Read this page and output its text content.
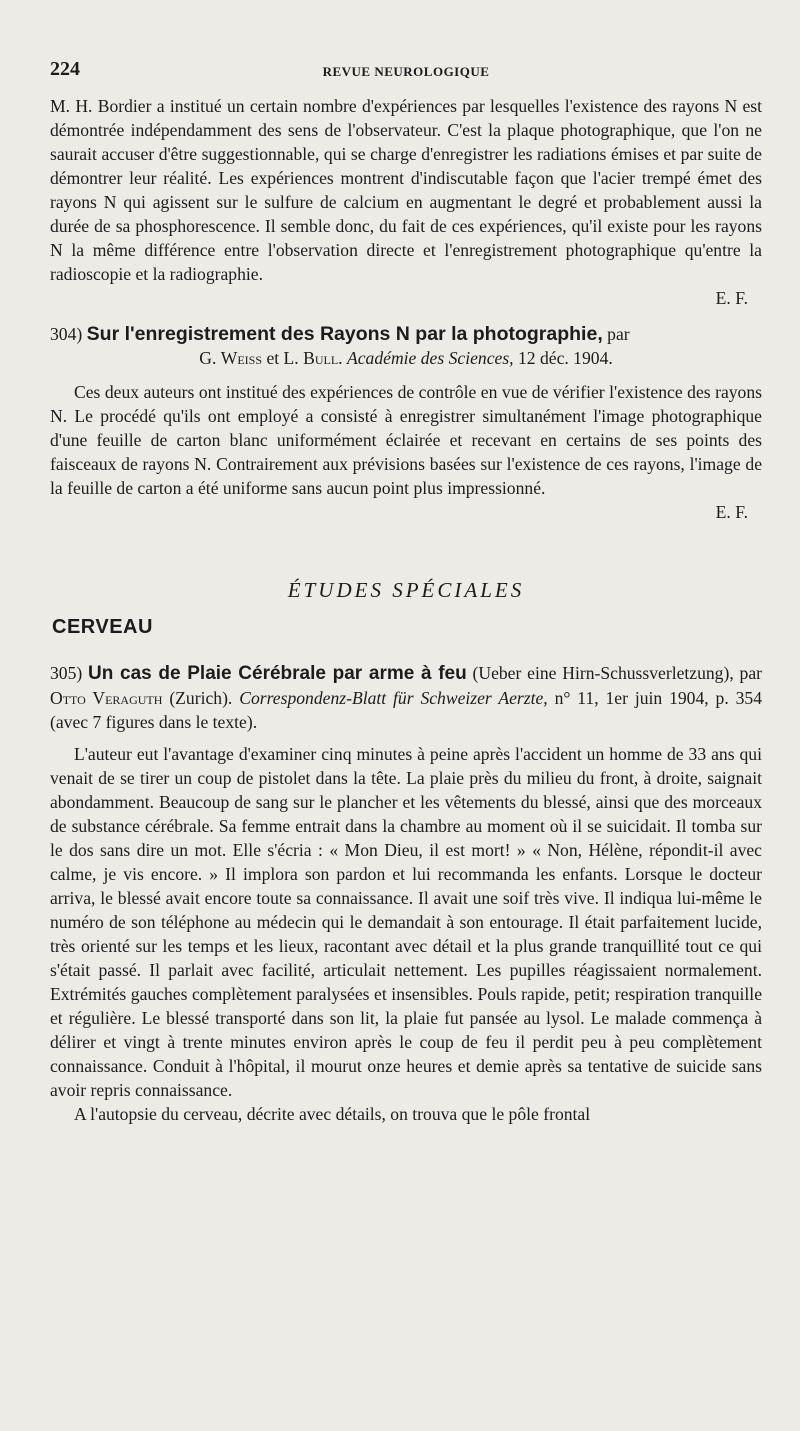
224	REVUE NEUROLOGIQUE

M. H. Bordier a institué un certain nombre d'expériences par lesquelles l'existence des rayons N est démontrée indépendamment des sens de l'observateur. C'est la plaque photographique, que l'on ne saurait accuser d'être suggestionnable, qui se charge d'enregistrer les radiations émises et par suite de démontrer leur réalité. Les expériences montrent d'indiscutable façon que l'acier trempé émet des rayons N qui agissent sur le sulfure de calcium en augmentant le degré et probablement aussi la durée de sa phosphorescence. Il semble donc, du fait de ces expériences, qu'il existe pour les rayons N la même différence entre l'observation directe et l'enregistrement photographique qu'entre la radioscopie et la radiographie.

E. F.

304) Sur l'enregistrement des Rayons N par la photographie, par

G. Weiss et L. Bull. Académie des Sciences, 12 déc. 1904.

Ces deux auteurs ont institué des expériences de contrôle en vue de vérifier l'existence des rayons N. Le procédé qu'ils ont employé a consisté à enregistrer simultanément l'image photographique d'une feuille de carton blanc uniformément éclairée et recevant en certains de ses points des faisceaux de rayons N. Contrairement aux prévisions basées sur l'existence de ces rayons, l'image de la feuille de carton a été uniforme sans aucun point plus impressionné.

E. F.

ÉTUDES SPÉCIALES
CERVEAU
305) Un cas de Plaie Cérébrale par arme à feu (Ueber eine Hirn-Schussverletzung), par Otto Veraguth (Zurich). Correspondenz-Blatt für Schweizer Aerzte, n° 11, 1er juin 1904, p. 354 (avec 7 figures dans le texte).

L'auteur eut l'avantage d'examiner cinq minutes à peine après l'accident un homme de 33 ans qui venait de se tirer un coup de pistolet dans la tête. La plaie près du milieu du front, à droite, saignait abondamment. Beaucoup de sang sur le plancher et les vêtements du blessé, ainsi que des morceaux de substance cérébrale. Sa femme entrait dans la chambre au moment où il se suicidait. Il tomba sur le dos sans dire un mot. Elle s'écria : « Mon Dieu, il est mort! » « Non, Hélène, répondit-il avec calme, je vis encore. » Il implora son pardon et lui recommanda les enfants. Lorsque le docteur arriva, le blessé avait encore toute sa connaissance. Il avait une soif très vive. Il indiqua lui-même le numéro de son téléphone au médecin qui le demandait à son entourage. Il était parfaitement lucide, très orienté sur les temps et les lieux, racontant avec détail et la plus grande tranquillité tout ce qui s'était passé. Il parlait avec facilité, articulait nettement. Les pupilles réagissaient normalement. Extrémités gauches complètement paralysées et insensibles. Pouls rapide, petit; respiration tranquille et régulière. Le blessé transporté dans son lit, la plaie fut pansée au lysol. Le malade commença à délirer et vingt à trente minutes environ après le coup de feu il perdit peu à peu complètement connaissance. Conduit à l'hôpital, il mourut onze heures et demie après sa tentative de suicide sans avoir repris connaissance.

A l'autopsie du cerveau, décrite avec détails, on trouva que le pôle frontal
